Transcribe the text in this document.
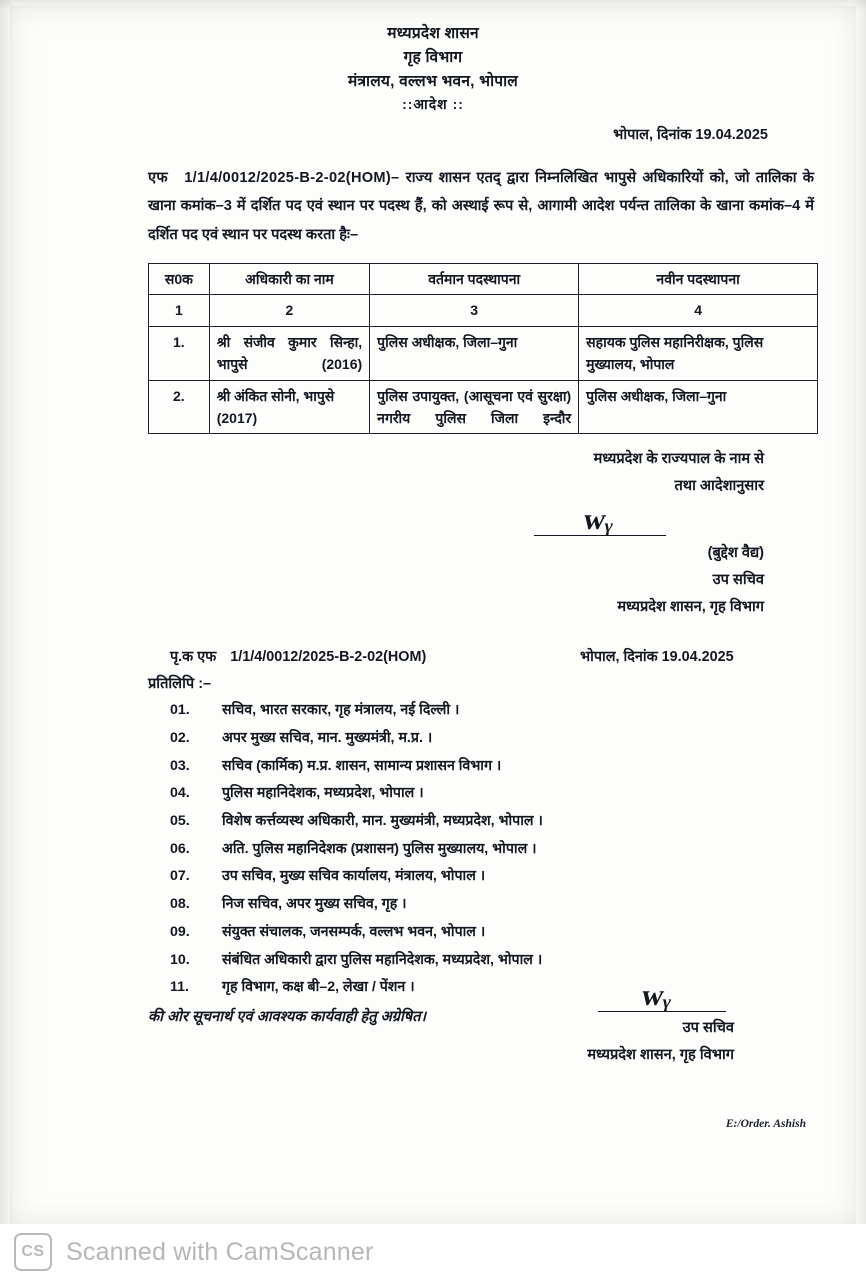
मध्यप्रदेश शासन
गृह विभाग
मंत्रालय, वल्लभ भवन, भोपाल
::आदेश ::
भोपाल, दिनांक 19.04.2025
एफ 1/1/4/0012/2025-B-2-02(HOM)– राज्य शासन एतद् द्वारा निम्नलिखित भापुसे अधिकारियों को, जो तालिका के खाना कमांक–3 में दर्शित पद एवं स्थान पर पदस्थ हैं, को अस्थाई रूप से, आगामी आदेश पर्यन्त तालिका के खाना कमांक–4 में दर्शित पद एवं स्थान पर पदस्थ करता हैः–
स0क	अधिकारी का नाम	वर्तमान पदस्थापना	नवीन पदस्थापना
1	2	3	4
1.	श्री संजीव कुमार सिन्हा, भापुसे (2016)	पुलिस अधीक्षक, जिला–गुना	सहायक पुलिस महानिरीक्षक, पुलिस मुख्यालय, भोपाल
2.	श्री अंकित सोनी, भापुसे (2017)	पुलिस उपायुक्त, (आसूचना एवं सुरक्षा) नगरीय पुलिस जिला इन्दौर	पुलिस अधीक्षक, जिला–गुना
मध्यप्रदेश के राज्यपाल के नाम से
तथा आदेशानुसार
ᴡᵧ
(बुद्देश वैद्य)
उप सचिव
मध्यप्रदेश शासन, गृह विभाग
पृ.क एफ 1/1/4/0012/2025-B-2-02(HOM)	भोपाल, दिनांक 19.04.2025
प्रतिलिपि :–
01.	सचिव, भारत सरकार, गृह मंत्रालय, नई दिल्ली ।
02.	अपर मुख्य सचिव, मान. मुख्यमंत्री, म.प्र. ।
03.	सचिव (कार्मिक) म.प्र. शासन, सामान्य प्रशासन विभाग ।
04.	पुलिस महानिदेशक, मध्यप्रदेश, भोपाल ।
05.	विशेष कर्त्तव्यस्थ अधिकारी, मान. मुख्यमंत्री, मध्यप्रदेश, भोपाल ।
06.	अति. पुलिस महानिदेशक (प्रशासन) पुलिस मुख्यालय, भोपाल ।
07.	उप सचिव, मुख्य सचिव कार्यालय, मंत्रालय, भोपाल ।
08.	निज सचिव, अपर मुख्य सचिव, गृह ।
09.	संयुक्त संचालक, जनसम्पर्क, वल्लभ भवन, भोपाल ।
10.	संबंधित अधिकारी द्वारा पुलिस महानिदेशक, मध्यप्रदेश, भोपाल ।
11.	गृह विभाग, कक्ष बी–2, लेखा / पेंशन ।
की ओर सूचनार्थ एवं आवश्यक कार्यवाही हेतु अग्रेषित।
ᴡᵧ
उप सचिव
मध्यप्रदेश शासन, गृह विभाग
E:/Order. Ashish
CS Scanned with CamScanner
